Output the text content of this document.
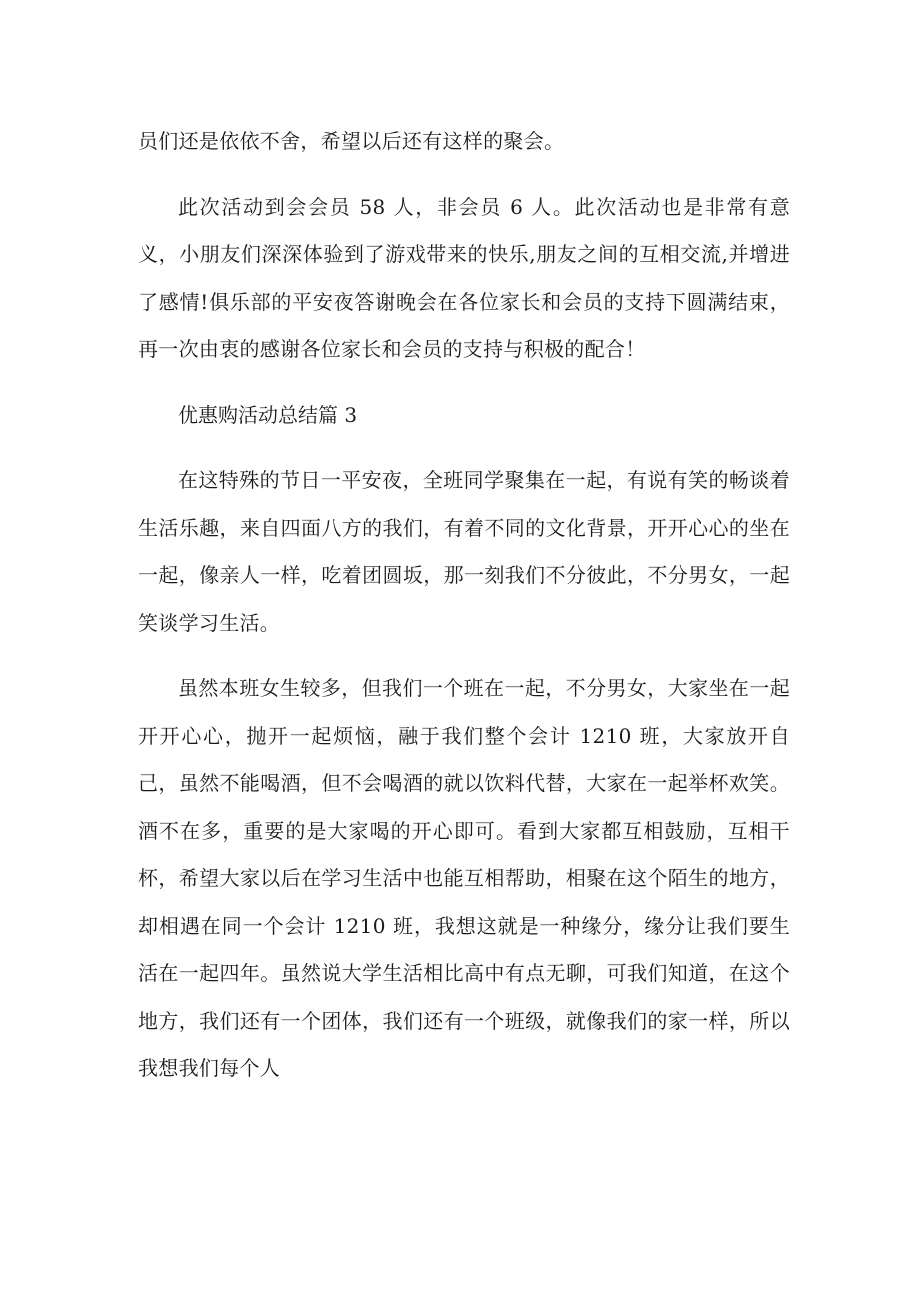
员们还是依依不舍，希望以后还有这样的聚会。

此次活动到会会员 58 人，非会员 6 人。此次活动也是非常有意义，小朋友们深深体验到了游戏带来的快乐,朋友之间的互相交流,并增进了感情!俱乐部的平安夜答谢晚会在各位家长和会员的支持下圆满结束，再一次由衷的感谢各位家长和会员的支持与积极的配合！

优惠购活动总结篇 3

在这特殊的节日一平安夜，全班同学聚集在一起，有说有笑的畅谈着生活乐趣，来自四面八方的我们，有着不同的文化背景，开开心心的坐在一起，像亲人一样，吃着团圆坂，那一刻我们不分彼此，不分男女，一起笑谈学习生活。

虽然本班女生较多，但我们一个班在一起，不分男女，大家坐在一起开开心心，抛开一起烦恼，融于我们整个会计 1210 班，大家放开自己，虽然不能喝酒，但不会喝酒的就以饮料代替，大家在一起举杯欢笑。酒不在多，重要的是大家喝的开心即可。看到大家都互相鼓励，互相干杯，希望大家以后在学习生活中也能互相帮助，相聚在这个陌生的地方，却相遇在同一个会计 1210 班，我想这就是一种缘分，缘分让我们要生活在一起四年。虽然说大学生活相比高中有点无聊，可我们知道，在这个地方，我们还有一个团体，我们还有一个班级，就像我们的家一样，所以我想我们每个人
